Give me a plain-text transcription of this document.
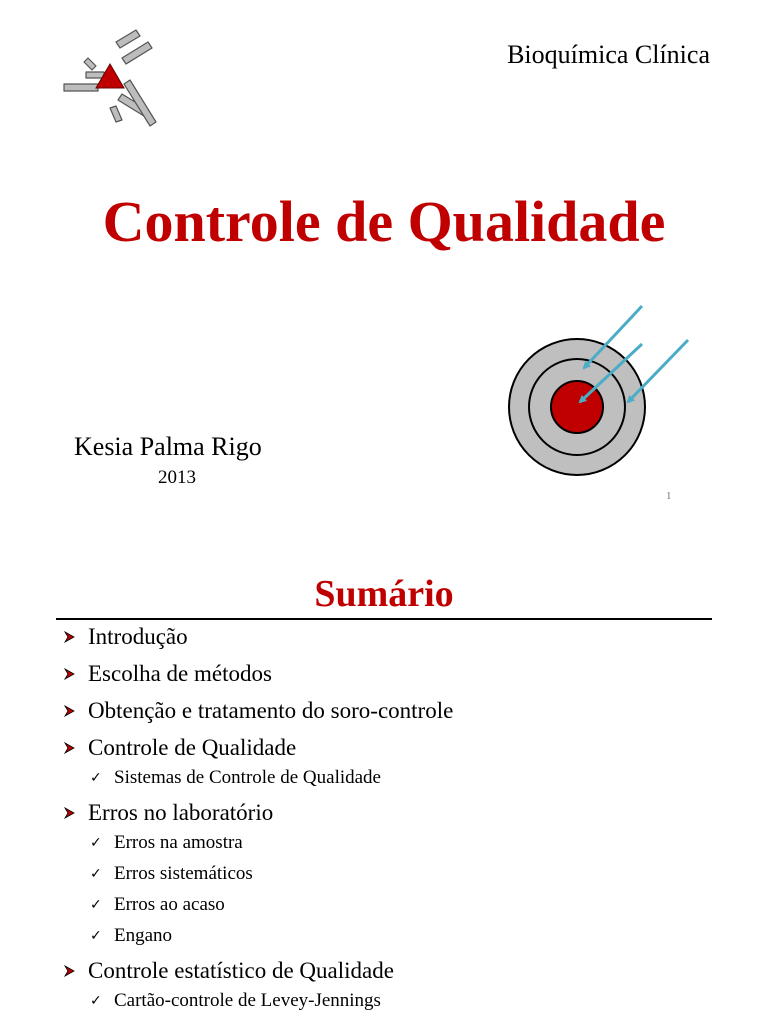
Bioquímica Clínica
Controle de Qualidade
Kesia Palma Rigo
2013
1
Sumário
Introdução
Escolha de métodos
Obtenção e tratamento do soro-controle
Controle de Qualidade
✓ Sistemas de Controle de Qualidade
Erros no laboratório
✓ Erros na amostra
✓ Erros sistemáticos
✓ Erros ao acaso
✓ Engano
Controle estatístico de Qualidade
✓ Cartão-controle de Levey-Jennings
